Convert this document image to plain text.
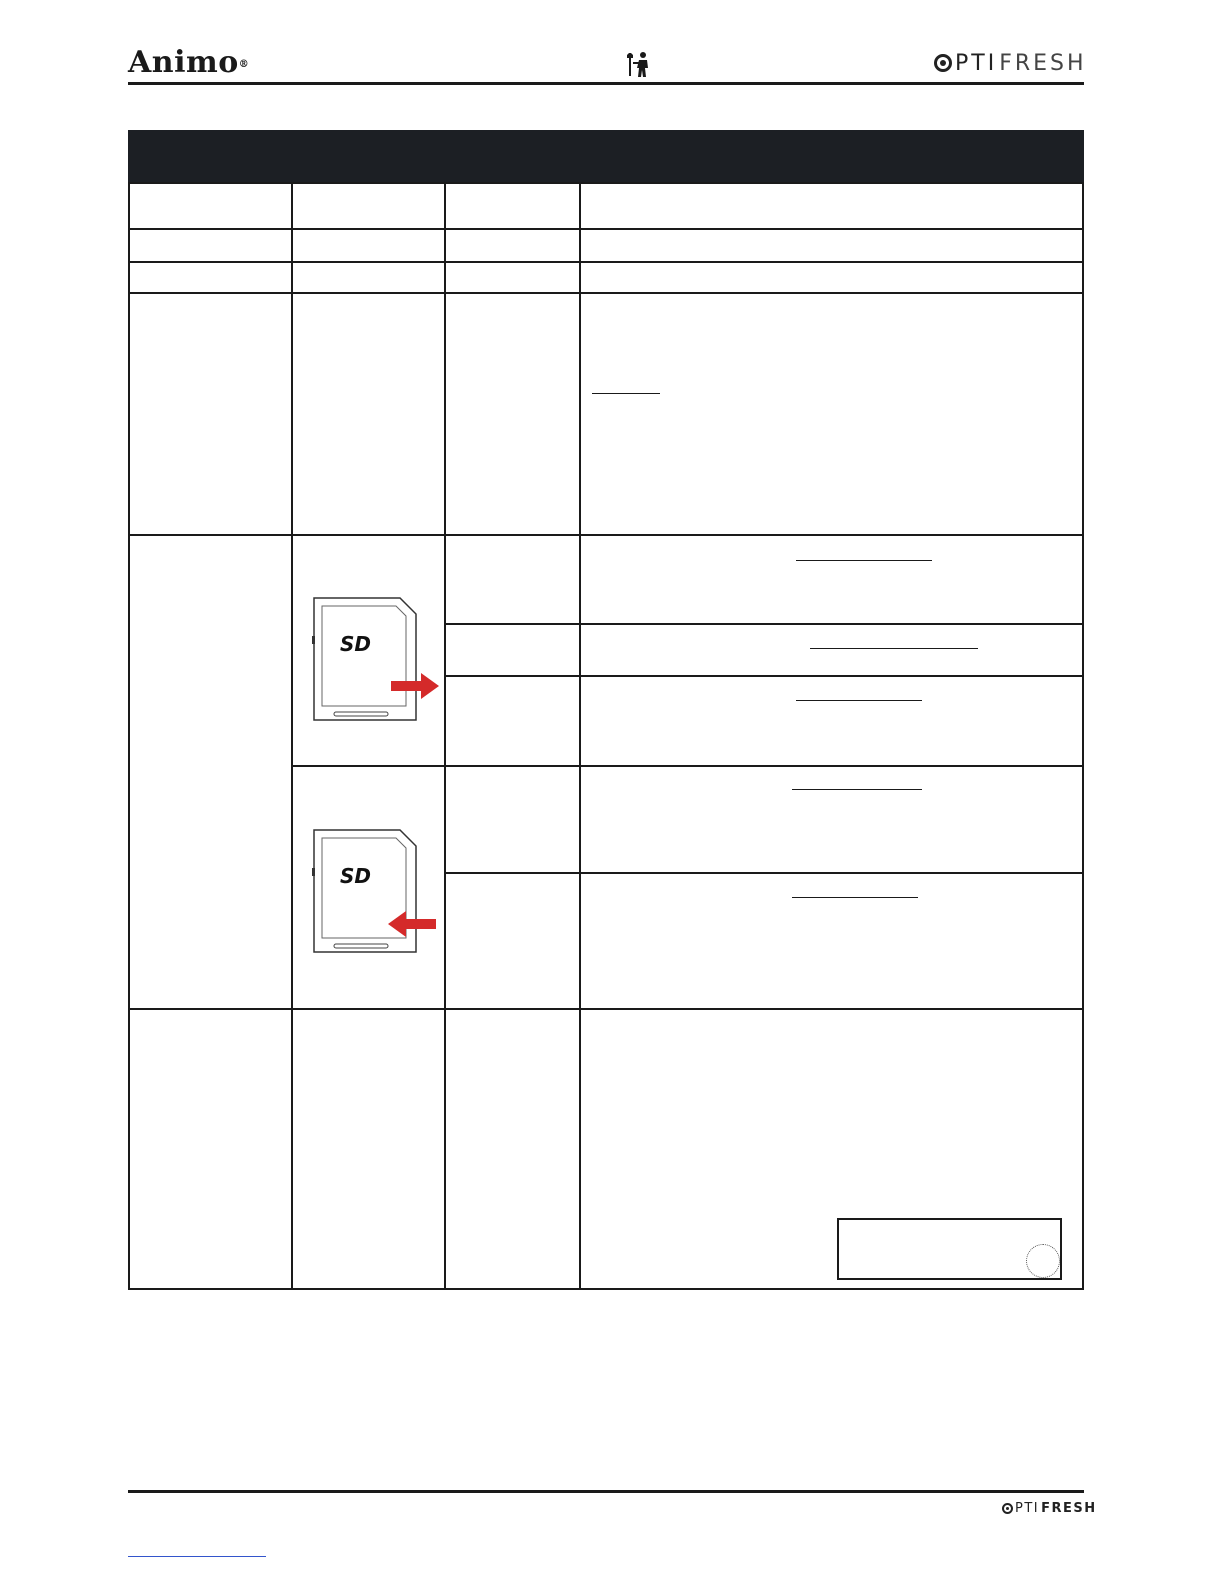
Animo®	PTI FRESH
SD
SD
PTI FRESH
